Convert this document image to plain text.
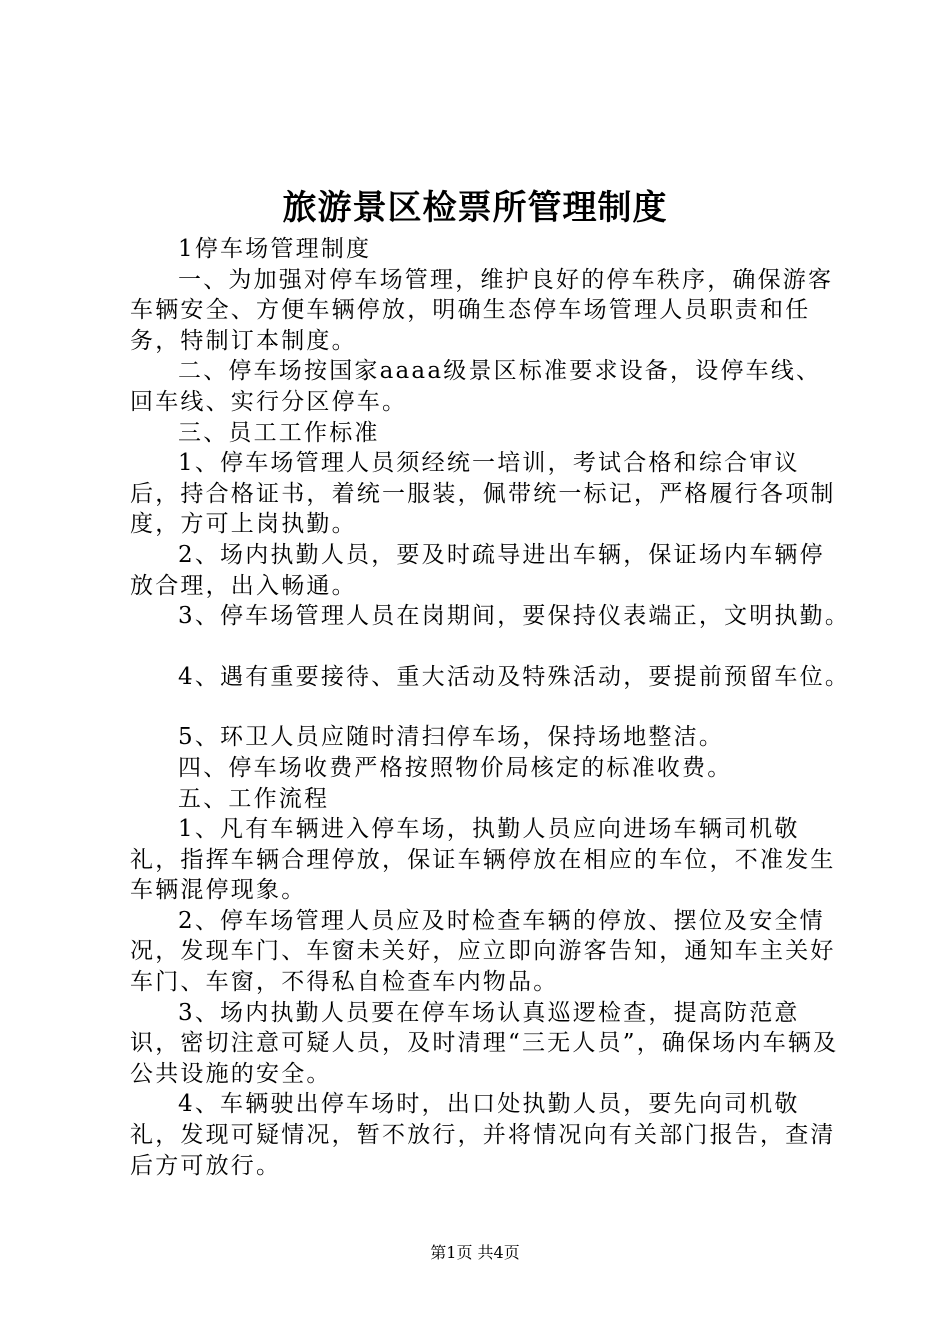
旅游景区检票所管理制度

1停车场管理制度

一、为加强对停车场管理，维护良好的停车秩序，确保游客车辆安全、方便车辆停放，明确生态停车场管理人员职责和任务，特制订本制度。

二、停车场按国家aaaa级景区标准要求设备，设停车线、回车线、实行分区停车。

三、员工工作标准

1、停车场管理人员须经统一培训，考试合格和综合审议后，持合格证书，着统一服装，佩带统一标记，严格履行各项制度，方可上岗执勤。

2、场内执勤人员，要及时疏导进出车辆，保证场内车辆停放合理，出入畅通。

3、停车场管理人员在岗期间，要保持仪表端正，文明执勤。

4、遇有重要接待、重大活动及特殊活动，要提前预留车位。

5、环卫人员应随时清扫停车场，保持场地整洁。

四、停车场收费严格按照物价局核定的标准收费。

五、工作流程

1、凡有车辆进入停车场，执勤人员应向进场车辆司机敬礼，指挥车辆合理停放，保证车辆停放在相应的车位，不准发生车辆混停现象。

2、停车场管理人员应及时检查车辆的停放、摆位及安全情况，发现车门、车窗未关好，应立即向游客告知，通知车主关好车门、车窗，不得私自检查车内物品。

3、场内执勤人员要在停车场认真巡逻检查，提高防范意识，密切注意可疑人员，及时清理“三无人员”，确保场内车辆及公共设施的安全。

4、车辆驶出停车场时，出口处执勤人员，要先向司机敬礼，发现可疑情况，暂不放行，并将情况向有关部门报告，查清后方可放行。

第1页 共4页
